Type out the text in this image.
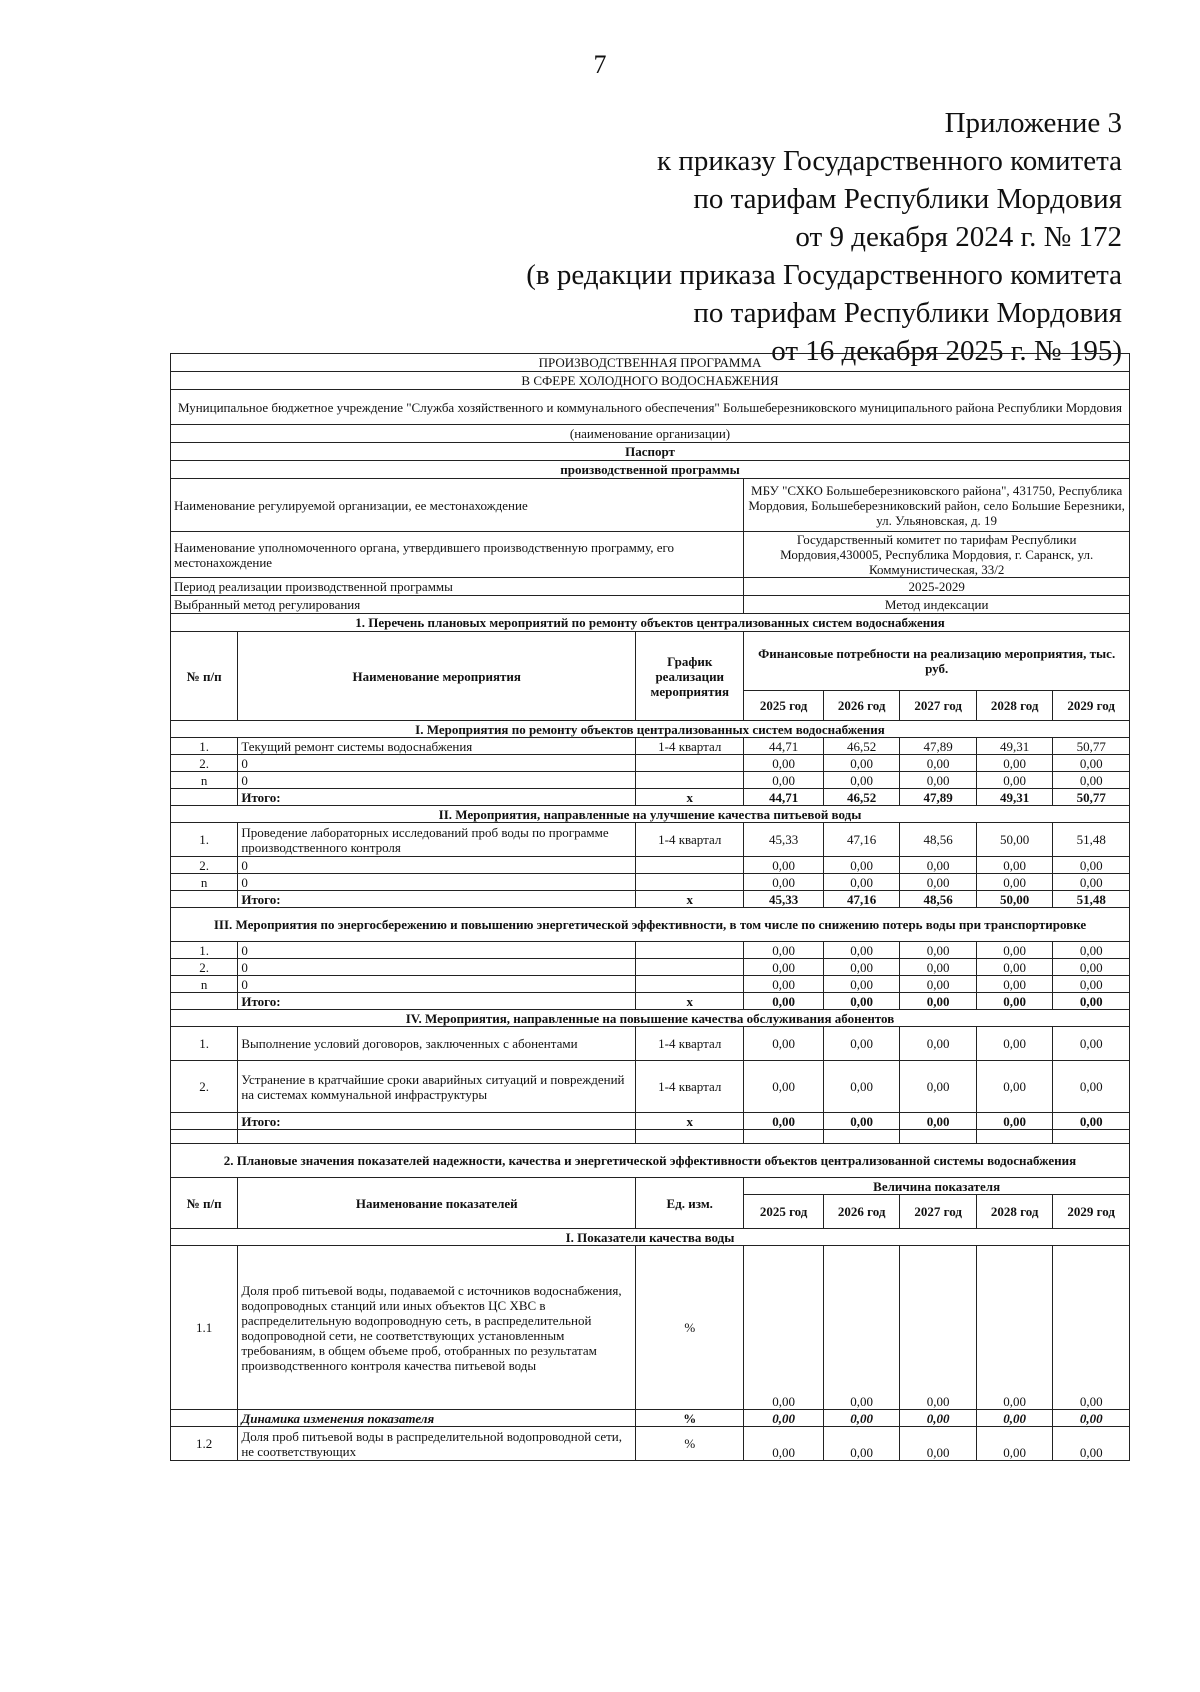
7
Приложение 3
к приказу Государственного комитета
по тарифам Республики Мордовия
от 9 декабря 2024 г. № 172
(в редакции приказа Государственного комитета
по тарифам Республики Мордовия
от 16 декабря 2025 г. № 195)
ПРОИЗВОДСТВЕННАЯ ПРОГРАММА							
В СФЕРЕ ХОЛОДНОГО ВОДОСНАБЖЕНИЯ							
Муниципальное бюджетное учреждение "Служба хозяйственного и коммунального обеспечения" Большеберезниковского муниципального района Республики Мордовия							
(наименование организации)							
Паспорт							
производственной программы							
Наименование регулируемой организации, ее местонахождение			МБУ "СХКО Большеберезниковского района", 431750, Республика Мордовия, Большеберезниковский район, село Большие Березники, ул. Ульяновская, д. 19				
Наименование уполномоченного органа, утвердившего производственную программу, его местонахождение			Государственный комитет по тарифам Республики Мордовия,430005, Республика Мордовия, г. Саранск, ул. Коммунистическая, 33/2				
Период реализации производственной программы			2025-2029				
Выбранный метод регулирования			Метод индексации				
1. Перечень плановых мероприятий по ремонту объектов централизованных систем водоснабжения							
№ п/п	Наименование мероприятия	График реализации мероприятия	Финансовые потребности на реализацию мероприятия, тыс. руб.				
			2025 год	2026 год	2027 год	2028 год	2029 год
I. Мероприятия по ремонту объектов централизованных систем водоснабжения							
1.	Текущий ремонт системы водоснабжения	1-4 квартал	44,71	46,52	47,89	49,31	50,77
2.	0		0,00	0,00	0,00	0,00	0,00
n	0		0,00	0,00	0,00	0,00	0,00
	Итого:	х	44,71	46,52	47,89	49,31	50,77
II. Мероприятия, направленные на улучшение качества питьевой воды							
1.	Проведение лабораторных исследований проб воды по программе производственного контроля	1-4 квартал	45,33	47,16	48,56	50,00	51,48
2.	0		0,00	0,00	0,00	0,00	0,00
n	0		0,00	0,00	0,00	0,00	0,00
	Итого:	х	45,33	47,16	48,56	50,00	51,48
III. Мероприятия по энергосбережению и повышению энергетической эффективности, в том числе по снижению потерь воды при транспортировке							
1.	0		0,00	0,00	0,00	0,00	0,00
2.	0		0,00	0,00	0,00	0,00	0,00
n	0		0,00	0,00	0,00	0,00	0,00
	Итого:	х	0,00	0,00	0,00	0,00	0,00
IV. Мероприятия, направленные на повышение качества обслуживания абонентов							
1.	Выполнение условий договоров, заключенных с абонентами	1-4 квартал	0,00	0,00	0,00	0,00	0,00
2.	Устранение в кратчайшие сроки аварийных ситуаций и повреждений на системах коммунальной инфраструктуры	1-4 квартал	0,00	0,00	0,00	0,00	0,00
	Итого:	х	0,00	0,00	0,00	0,00	0,00

2. Плановые значения показателей надежности, качества и энергетической эффективности объектов централизованной системы водоснабжения							
№ п/п	Наименование показателей	Ед. изм.	Величина показателя				
			2025 год	2026 год	2027 год	2028 год	2029 год
I. Показатели качества воды							
1.1	Доля проб питьевой воды, подаваемой с источников водоснабжения, водопроводных станций или иных объектов ЦС ХВС в распределительную водопроводную сеть, в распределительной водопроводной сети, не соответствующих установленным требованиям, в общем объеме проб, отобранных по результатам производственного контроля качества питьевой воды	%	0,00	0,00	0,00	0,00	0,00
	Динамика изменения показателя	%	0,00	0,00	0,00	0,00	0,00
1.2	Доля проб питьевой воды в распределительной водопроводной сети, не соответствующих	%	0,00	0,00	0,00	0,00	0,00
